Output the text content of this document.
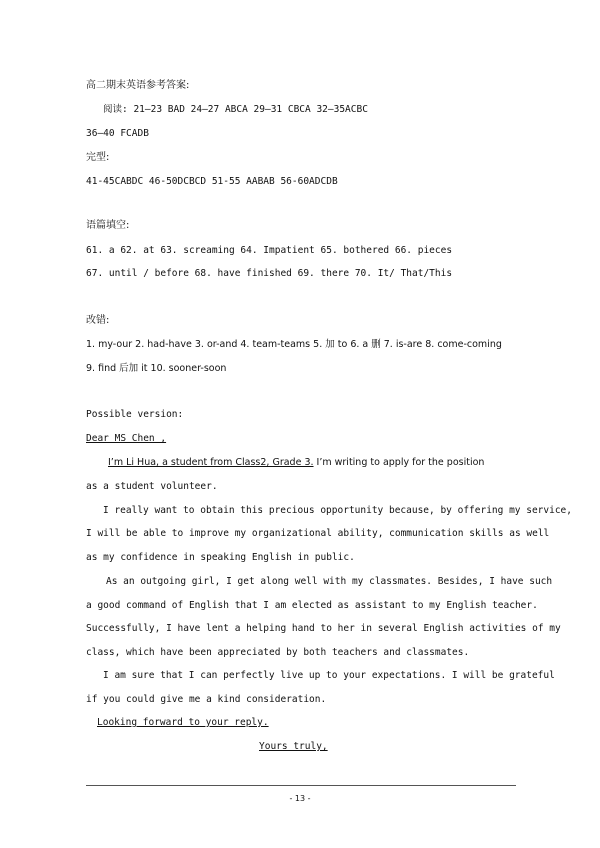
高二期末英语参考答案:
阅读: 21—23 BAD 24—27 ABCA 29—31 CBCA 32—35ACBC
36—40 FCADB
完型:
41-45CABDC 46-50DCBCD 51-55 AABAB 56-60ADCDB
语篇填空:
61. a 62. at 63. screaming 64. Impatient 65. bothered 66. pieces
67. until / before 68. have finished 69. there 70. It/ That/This
改错:
1. my-our 2. had-have 3. or-and 4. team-teams 5. 加 to 6. a 删 7. is-are 8. come-coming
9. find 后加 it 10. sooner-soon
Possible version:
Dear MS Chen ,
I’m Li Hua, a student from Class2, Grade 3. I’m writing to apply for the position
as a student volunteer.
I really want to obtain this precious opportunity because, by offering my service,
I will be able to improve my organizational ability, communication skills as well
as my confidence in speaking English in public.
As an outgoing girl, I get along well with my classmates. Besides, I have such
a good command of English that I am elected as assistant to my English teacher.
Successfully, I have lent a helping hand to her in several English activities of my
class, which have been appreciated by both teachers and classmates.
I am sure that I can perfectly live up to your expectations. I will be grateful
if you could give me a kind consideration.
Looking forward to your reply.
Yours truly,
- 13 -
